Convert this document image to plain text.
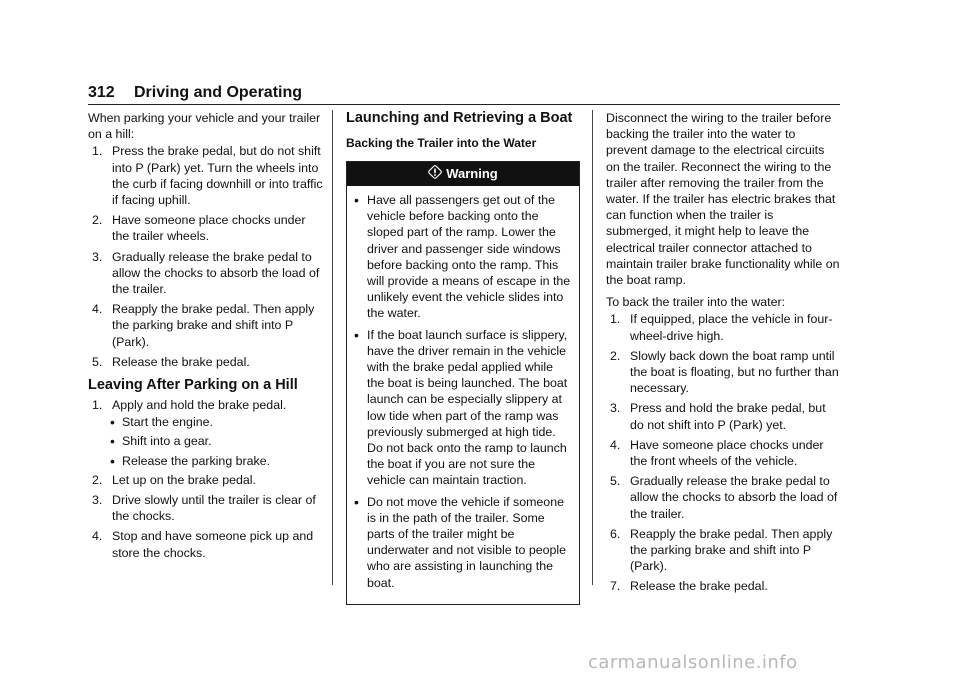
312 Driving and Operating

When parking your vehicle and your trailer on a hill:

1. Press the brake pedal, but do not shift into P (Park) yet. Turn the wheels into the curb if facing downhill or into traffic if facing uphill.
2. Have someone place chocks under the trailer wheels.
3. Gradually release the brake pedal to allow the chocks to absorb the load of the trailer.
4. Reapply the brake pedal. Then apply the parking brake and shift into P (Park).
5. Release the brake pedal.
Leaving After Parking on a Hill
1. Apply and hold the brake pedal.
• Start the engine.
• Shift into a gear.
• Release the parking brake.
2. Let up on the brake pedal.
3. Drive slowly until the trailer is clear of the chocks.
4. Stop and have someone pick up and store the chocks.
Launching and Retrieving a Boat
Backing the Trailer into the Water
Warning
• Have all passengers get out of the vehicle before backing onto the sloped part of the ramp. Lower the driver and passenger side windows before backing onto the ramp. This will provide a means of escape in the unlikely event the vehicle slides into the water.
• If the boat launch surface is slippery, have the driver remain in the vehicle with the brake pedal applied while the boat is being launched. The boat launch can be especially slippery at low tide when part of the ramp was previously submerged at high tide. Do not back onto the ramp to launch the boat if you are not sure the vehicle can maintain traction.
• Do not move the vehicle if someone is in the path of the trailer. Some parts of the trailer might be underwater and not visible to people who are assisting in launching the boat.

Disconnect the wiring to the trailer before backing the trailer into the water to prevent damage to the electrical circuits on the trailer. Reconnect the wiring to the trailer after removing the trailer from the water. If the trailer has electric brakes that can function when the trailer is submerged, it might help to leave the electrical trailer connector attached to maintain trailer brake functionality while on the boat ramp.

To back the trailer into the water:

1. If equipped, place the vehicle in four-wheel-drive high.
2. Slowly back down the boat ramp until the boat is floating, but no further than necessary.
3. Press and hold the brake pedal, but do not shift into P (Park) yet.
4. Have someone place chocks under the front wheels of the vehicle.
5. Gradually release the brake pedal to allow the chocks to absorb the load of the trailer.
6. Reapply the brake pedal. Then apply the parking brake and shift into P (Park).
7. Release the brake pedal.
carmanualsonline.info
